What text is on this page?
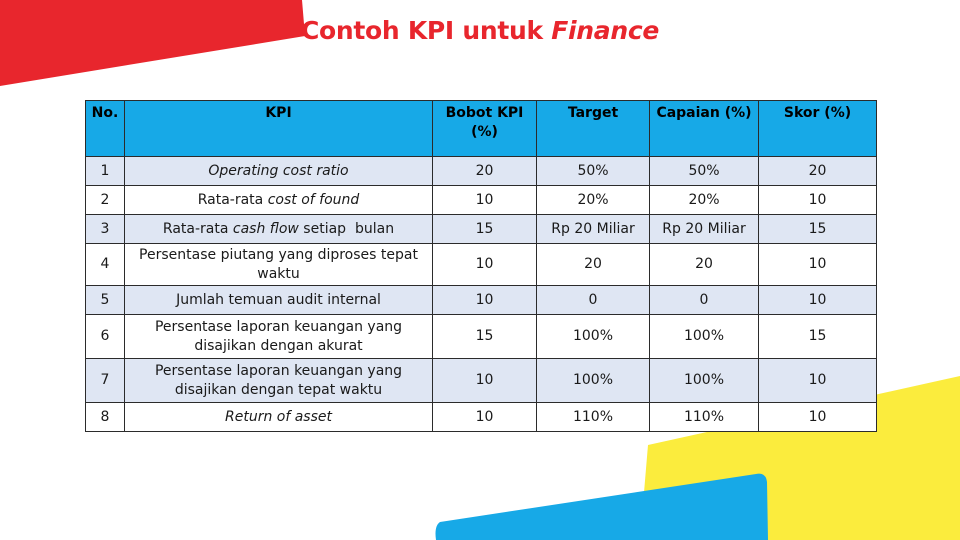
Contoh KPI untuk Finance
No.	KPI	Bobot KPI (%)	Target	Capaian (%)	Skor (%)
1	Operating cost ratio	20	50%	50%	20
2	Rata-rata cost of found	10	20%	20%	10
3	Rata-rata cash flow setiap  bulan	15	Rp 20 Miliar	Rp 20 Miliar	15
4	Persentase piutang yang diproses tepat waktu	10	20	20	10
5	Jumlah temuan audit internal	10	0	0	10
6	Persentase laporan keuangan yang disajikan dengan akurat	15	100%	100%	15
7	Persentase laporan keuangan yang disajikan dengan tepat waktu	10	100%	100%	10
8	Return of asset	10	110%	110%	10
